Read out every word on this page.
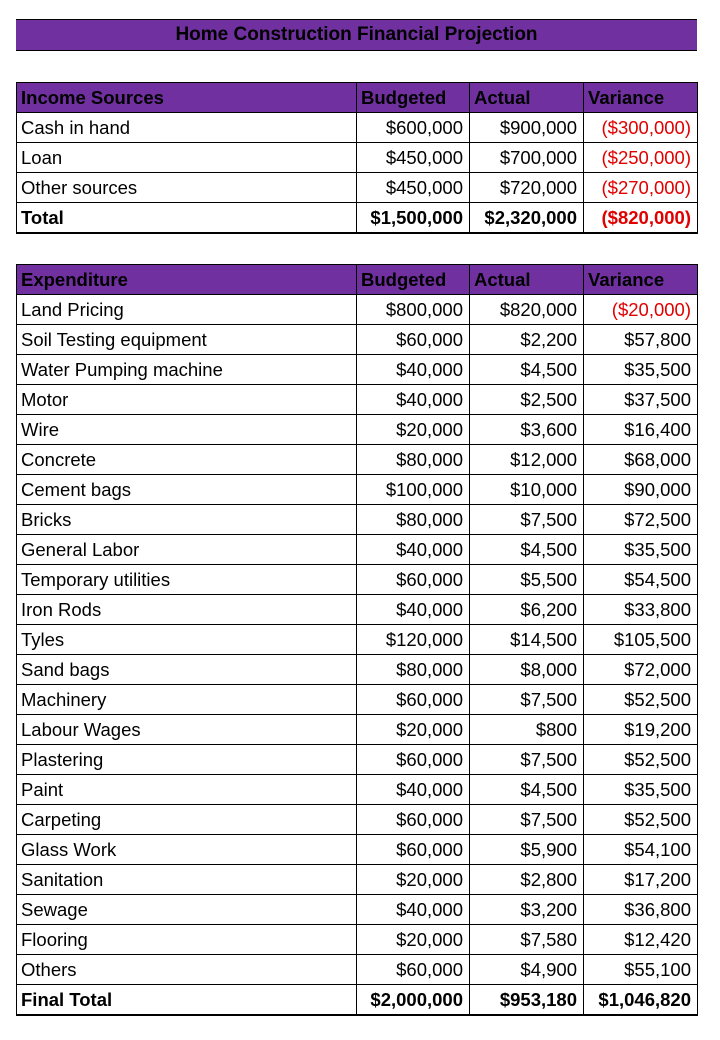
Home Construction Financial Projection
Income Sources	Budgeted	Actual	Variance
Cash in hand	$600,000	$900,000	($300,000)
Loan	$450,000	$700,000	($250,000)
Other sources	$450,000	$720,000	($270,000)
Total	$1,500,000	$2,320,000	($820,000)
Expenditure	Budgeted	Actual	Variance
Land Pricing	$800,000	$820,000	($20,000)
Soil Testing equipment	$60,000	$2,200	$57,800
Water Pumping machine	$40,000	$4,500	$35,500
Motor	$40,000	$2,500	$37,500
Wire	$20,000	$3,600	$16,400
Concrete	$80,000	$12,000	$68,000
Cement bags	$100,000	$10,000	$90,000
Bricks	$80,000	$7,500	$72,500
General Labor	$40,000	$4,500	$35,500
Temporary utilities	$60,000	$5,500	$54,500
Iron Rods	$40,000	$6,200	$33,800
Tyles	$120,000	$14,500	$105,500
Sand bags	$80,000	$8,000	$72,000
Machinery	$60,000	$7,500	$52,500
Labour Wages	$20,000	$800	$19,200
Plastering	$60,000	$7,500	$52,500
Paint	$40,000	$4,500	$35,500
Carpeting	$60,000	$7,500	$52,500
Glass Work	$60,000	$5,900	$54,100
Sanitation	$20,000	$2,800	$17,200
Sewage	$40,000	$3,200	$36,800
Flooring	$20,000	$7,580	$12,420
Others	$60,000	$4,900	$55,100
Final Total	$2,000,000	$953,180	$1,046,820
